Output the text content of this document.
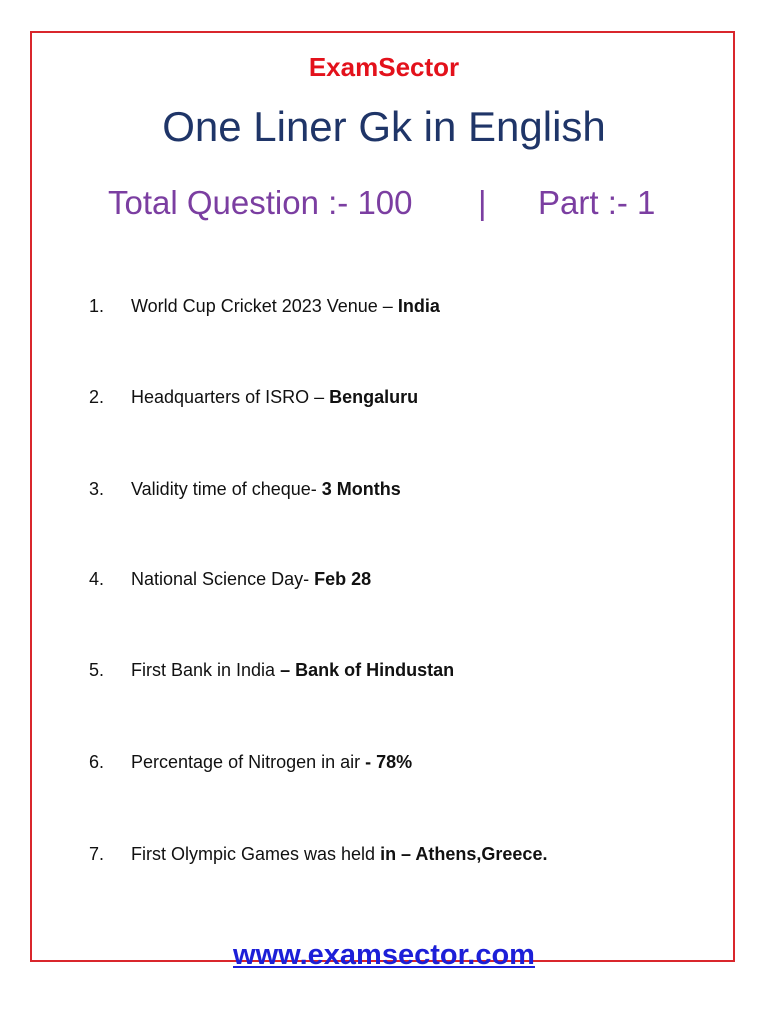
ExamSector
One Liner Gk in English
Total Question :- 100 | Part :- 1
1. World Cup Cricket 2023 Venue – India
2. Headquarters of ISRO – Bengaluru
3. Validity time of cheque- 3 Months
4. National Science Day- Feb 28
5. First Bank in India – Bank of Hindustan
6. Percentage of Nitrogen in air - 78%
7. First Olympic Games was held in – Athens,Greece.
www.examsector.com
